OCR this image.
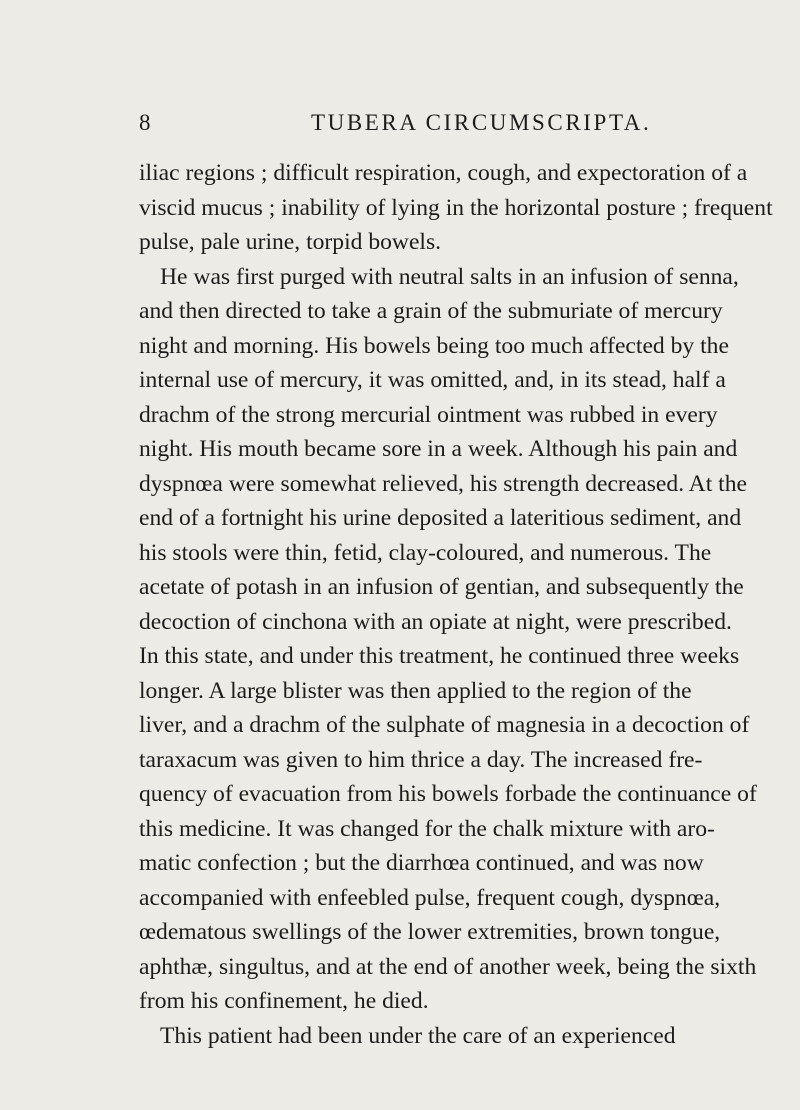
8	TUBERA CIRCUMSCRIPTA.
iliac regions ; difficult respiration, cough, and expectoration of a
viscid mucus ; inability of lying in the horizontal posture ; frequent
pulse, pale urine, torpid bowels.
He was first purged with neutral salts in an infusion of senna,
and then directed to take a grain of the submuriate of mercury
night and morning. His bowels being too much affected by the
internal use of mercury, it was omitted, and, in its stead, half a
drachm of the strong mercurial ointment was rubbed in every
night. His mouth became sore in a week. Although his pain and
dyspnœa were somewhat relieved, his strength decreased. At the
end of a fortnight his urine deposited a lateritious sediment, and
his stools were thin, fetid, clay-coloured, and numerous. The
acetate of potash in an infusion of gentian, and subsequently the
decoction of cinchona with an opiate at night, were prescribed.
In this state, and under this treatment, he continued three weeks
longer. A large blister was then applied to the region of the
liver, and a drachm of the sulphate of magnesia in a decoction of
taraxacum was given to him thrice a day. The increased fre-
quency of evacuation from his bowels forbade the continuance of
this medicine. It was changed for the chalk mixture with aro-
matic confection ; but the diarrhœa continued, and was now
accompanied with enfeebled pulse, frequent cough, dyspnœa,
œdematous swellings of the lower extremities, brown tongue,
aphthæ, singultus, and at the end of another week, being the sixth
from his confinement, he died.
This patient had been under the care of an experienced
